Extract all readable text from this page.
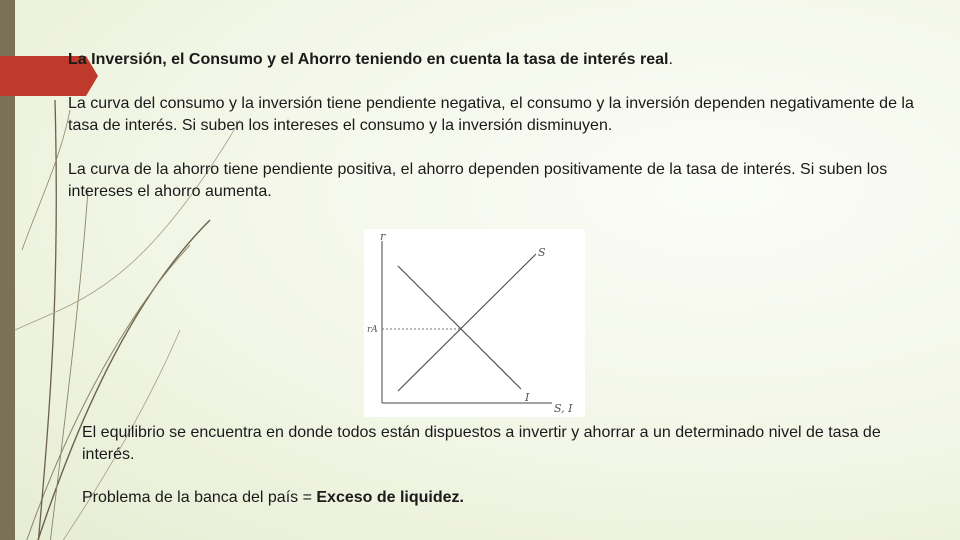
La Inversión, el Consumo y el Ahorro teniendo en cuenta la tasa de interés real.

La curva del consumo y la inversión tiene pendiente negativa, el consumo y la inversión dependen negativamente de la tasa de interés. Si suben los intereses el consumo y la inversión disminuyen.

La curva de la ahorro tiene pendiente positiva, el ahorro dependen positivamente de la tasa de interés. Si suben los intereses el ahorro aumenta.

r
S, I
rA
S
I

El equilibrio se encuentra en donde todos están dispuestos a invertir y ahorrar a un determinado nivel de tasa de interés.

Problema de la banca del país = Exceso de liquidez.
